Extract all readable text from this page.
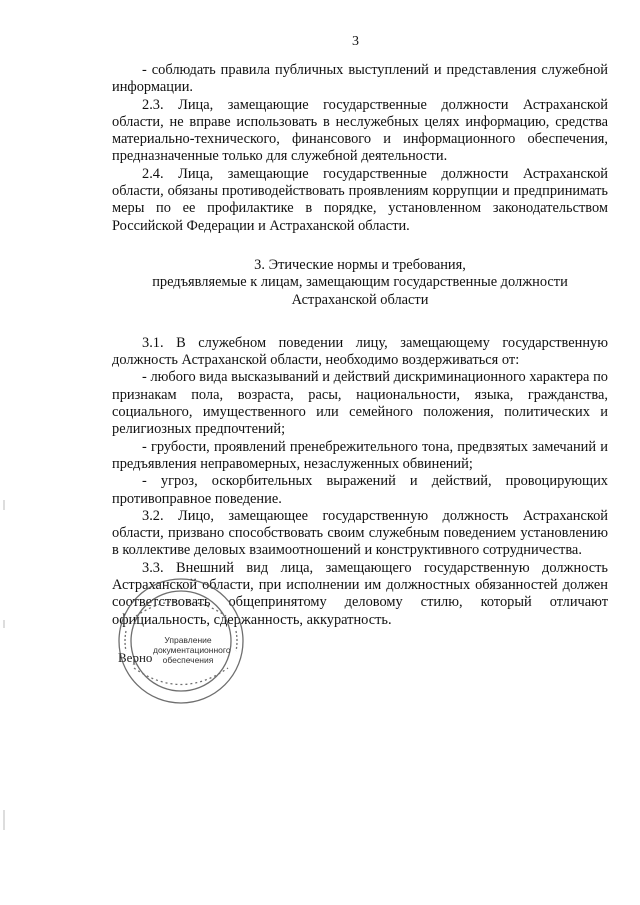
3

- соблюдать правила публичных выступлений и представления служебной информации.

2.3. Лица, замещающие государственные должности Астраханской области, не вправе использовать в неслужебных целях информацию, средства материально-технического, финансового и информационного обеспечения, предназначенные только для служебной деятельности.

2.4. Лица, замещающие государственные должности Астраханской области, обязаны противодействовать проявлениям коррупции и предпринимать меры по ее профилактике в порядке, установленном законодательством Российской Федерации и Астраханской области.

3. Этические нормы и требования,
предъявляемые к лицам, замещающим государственные должности Астраханской области

3.1. В служебном поведении лицу, замещающему государственную должность Астраханской области, необходимо воздерживаться от:

- любого вида высказываний и действий дискриминационного характера по признакам пола, возраста, расы, национальности, языка, гражданства, социального, имущественного или семейного положения, политических и религиозных предпочтений;

- грубости, проявлений пренебрежительного тона, предвзятых замечаний и предъявления неправомерных, незаслуженных обвинений;

- угроз, оскорбительных выражений и действий, провоцирующих противоправное поведение.

3.2. Лицо, замещающее государственную должность Астраханской области, призвано способствовать своим служебным поведением установлению в коллективе деловых взаимоотношений и конструктивного сотрудничества.

3.3. Внешний вид лица, замещающего государственную должность Астраханской области, при исполнении им должностных обязанностей должен соответствовать общепринятому деловому стилю, который отличают официальность, сдержанность, аккуратность.

Управление
документационного
обеспечения
Верно
